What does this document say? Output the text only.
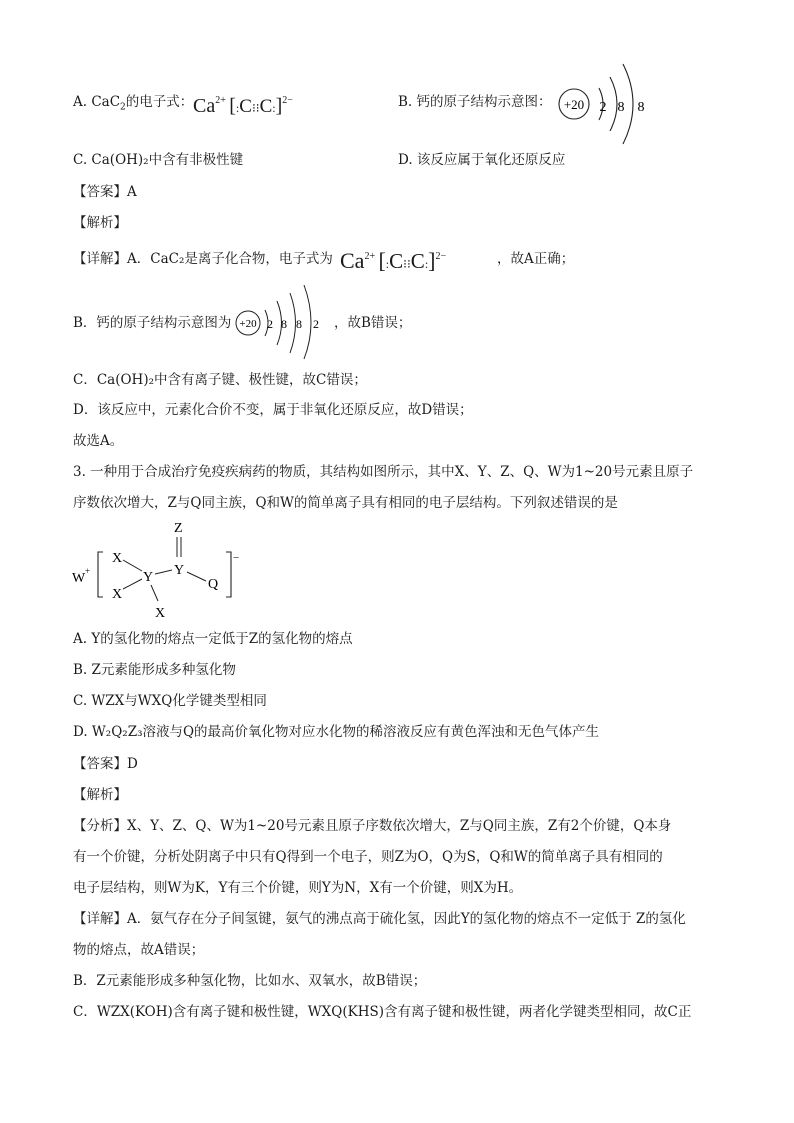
A. CaC$_2$的电子式： $Ca^{2+}$ [:C⁝⁝C:]$^{2-}$	B. 钙的原子结构示意图： +20 2 8 8
C. Ca(OH)₂中含有非极性键	D. 该反应属于氧化还原反应
【答案】A
【解析】
【详解】A．CaC₂是离子化合物，电子式为 $Ca^{2+}$ [:C⁝⁝C:]$^{2-}$	，故A正确；
B．钙的原子结构示意图为 +20 2 8 8 2 ，故B错误；
C．Ca(OH)₂中含有离子键、极性键，故C错误；
D．该反应中，元素化合价不变，属于非氧化还原反应，故D错误；
故选A。
3. 一种用于合成治疗免疫疾病药的物质，其结构如图所示，其中X、Y、Z、Q、W为1~20号元素且原子
序数依次增大，Z与Q同主族，Q和W的简单离子具有相同的电子层结构。下列叙述错误的是
W +
X
X
Y
X
Y
Z
Q
−
A. Y的氢化物的熔点一定低于Z的氢化物的熔点
B. Z元素能形成多种氢化物
C. WZX与WXQ化学键类型相同
D. W₂Q₂Z₃溶液与Q的最高价氧化物对应水化物的稀溶液反应有黄色浑浊和无色气体产生
【答案】D
【解析】
【分析】X、Y、Z、Q、W为1~20号元素且原子序数依次增大，Z与Q同主族，Z有2个价键，Q本身
有一个价键，分析处阴离子中只有Q得到一个电子，则Z为O，Q为S，Q和W的简单离子具有相同的
电子层结构，则W为K，Y有三个价键，则Y为N，X有一个价键，则X为H。
【详解】A．氨气存在分子间氢键，氨气的沸点高于硫化氢，因此Y的氢化物的熔点不一定低于 Z的氢化
物的熔点，故A错误；
B．Z元素能形成多种氢化物，比如水、双氧水，故B错误；
C．WZX(KOH)含有离子键和极性键，WXQ(KHS)含有离子键和极性键，两者化学键类型相同，故C正
